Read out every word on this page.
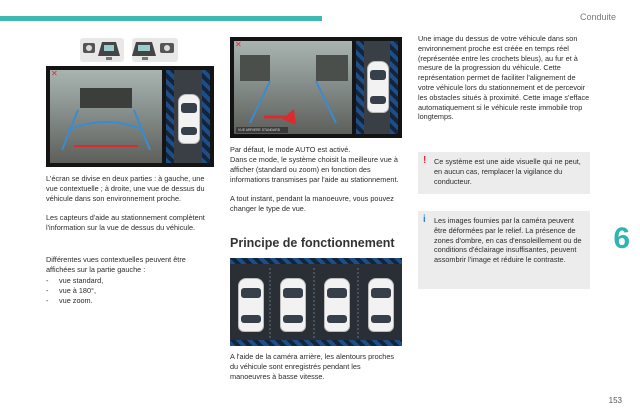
Conduite
6
153
✕
VUE ARRIERE STANDARD
✕

L'écran se divise en deux parties : à gauche, une vue contextuelle ; à droite, une vue de dessus du véhicule dans son environnement proche.

Les capteurs d'aide au stationnement complètent l'information sur la vue de dessus du véhicule.

Différentes vues contextuelles peuvent être affichées sur la partie gauche :

- vue standard,
- vue à 180°,
- vue zoom.

Par défaut, le mode AUTO est activé.

Dans ce mode, le système choisit la meilleure vue à afficher (standard ou zoom) en fonction des informations transmises par l'aide au stationnement.

A tout instant, pendant la manoeuvre, vous pouvez changer le type de vue.

Principe de fonctionnement

A l'aide de la caméra arrière, les alentours proches du véhicule sont enregistrés pendant les manoeuvres à basse vitesse.

Une image du dessus de votre véhicule dans son environnement proche est créée en temps réel (représentée entre les crochets bleus), au fur et à mesure de la progression du véhicule. Cette représentation permet de faciliter l'alignement de votre véhicule lors du stationnement et de percevoir les obstacles situés à proximité. Cette image s'efface automatiquement si le véhicule reste immobile trop longtemps.

! Ce système est une aide visuelle qui ne peut, en aucun cas, remplacer la vigilance du conducteur.

i Les images fournies par la caméra peuvent être déformées par le relief. La présence de zones d'ombre, en cas d'ensoleillement ou de conditions d'éclairage insuffisantes, peuvent assombrir l'image et réduire le contraste.
